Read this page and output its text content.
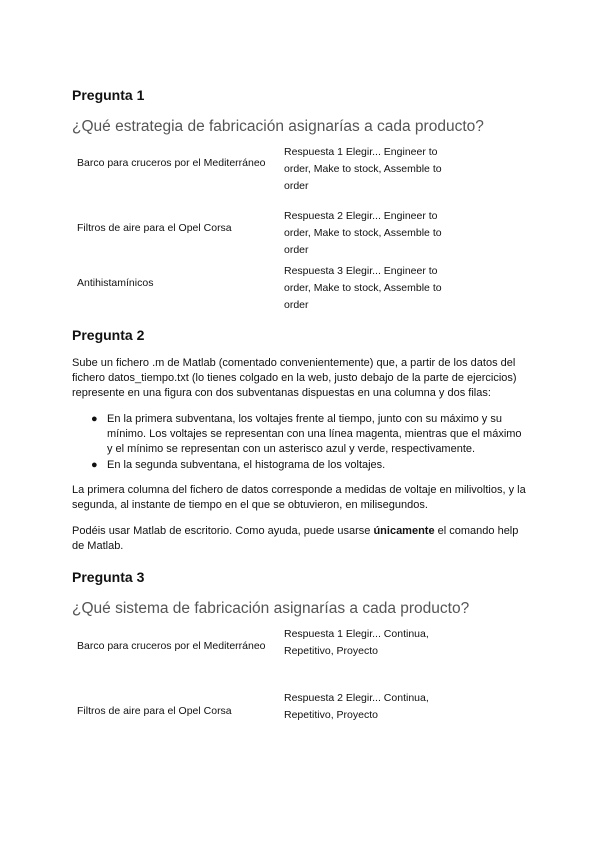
Pregunta 1
¿Qué estrategia de fabricación asignarías a cada producto?
Barco para cruceros por el Mediterráneo
Respuesta 1 Elegir... Engineer to order, Make to stock, Assemble to order
Filtros de aire para el Opel Corsa
Respuesta 2 Elegir... Engineer to order, Make to stock, Assemble to order
Antihistamínicos
Respuesta 3 Elegir... Engineer to order, Make to stock, Assemble to order
Pregunta 2
Sube un fichero .m de Matlab (comentado convenientemente) que, a partir de los datos del fichero datos_tiempo.txt (lo tienes colgado en la web, justo debajo de la parte de ejercicios) represente en una figura con dos subventanas dispuestas en una columna y dos filas:
● En la primera subventana, los voltajes frente al tiempo, junto con su máximo y su mínimo. Los voltajes se representan con una línea magenta, mientras que el máximo y el mínimo se representan con un asterisco azul y verde, respectivamente.
● En la segunda subventana, el histograma de los voltajes.
La primera columna del fichero de datos corresponde a medidas de voltaje en milivoltios, y la segunda, al instante de tiempo en el que se obtuvieron, en milisegundos.
Podéis usar Matlab de escritorio. Como ayuda, puede usarse únicamente el comando help de Matlab.
Pregunta 3
¿Qué sistema de fabricación asignarías a cada producto?
Barco para cruceros por el Mediterráneo
Respuesta 1 Elegir... Continua, Repetitivo, Proyecto
Filtros de aire para el Opel Corsa
Respuesta 2 Elegir... Continua, Repetitivo, Proyecto
